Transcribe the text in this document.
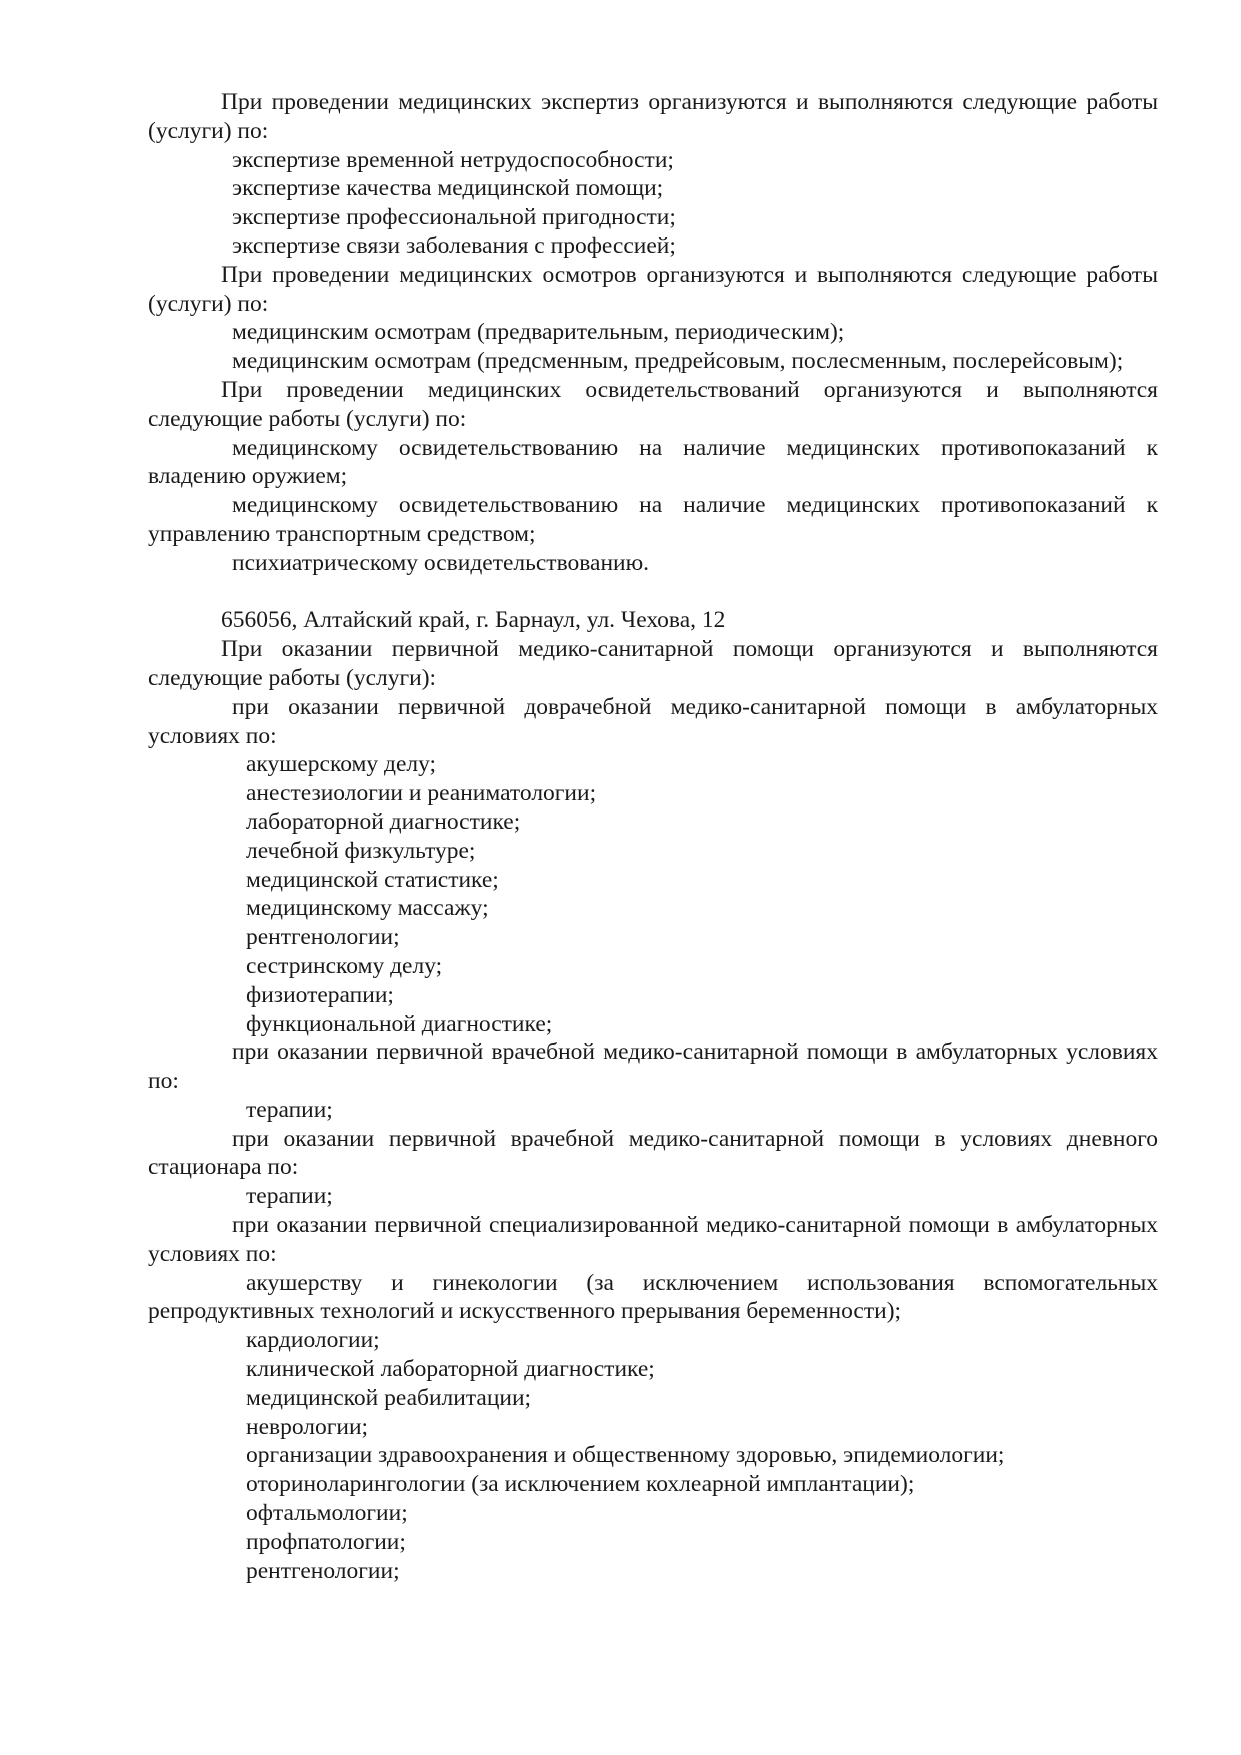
При проведении медицинских экспертиз организуются и выполняются следующие работы (услуги) по:

экспертизе временной нетрудоспособности;

экспертизе качества медицинской помощи;

экспертизе профессиональной пригодности;

экспертизе связи заболевания с профессией;

При проведении медицинских осмотров организуются и выполняются следующие работы (услуги) по:

медицинским осмотрам (предварительным, периодическим);

медицинским осмотрам (предсменным, предрейсовым, послесменным, послерейсовым);

При проведении медицинских освидетельствований организуются и выполняются следующие работы (услуги) по:

медицинскому освидетельствованию на наличие медицинских противопоказаний к владению оружием;

медицинскому освидетельствованию на наличие медицинских противопоказаний к управлению транспортным средством;

психиатрическому освидетельствованию.

656056, Алтайский край, г. Барнаул, ул. Чехова, 12

При оказании первичной медико-санитарной помощи организуются и выполняются следующие работы (услуги):

при оказании первичной доврачебной медико-санитарной помощи в амбулаторных условиях по:

акушерскому делу;

анестезиологии и реаниматологии;

лабораторной диагностике;

лечебной физкультуре;

медицинской статистике;

медицинскому массажу;

рентгенологии;

сестринскому делу;

физиотерапии;

функциональной диагностике;

при оказании первичной врачебной медико-санитарной помощи в амбулаторных условиях по:

терапии;

при оказании первичной врачебной медико-санитарной помощи в условиях дневного стационара по:

терапии;

при оказании первичной специализированной медико-санитарной помощи в амбулаторных условиях по:

акушерству и гинекологии (за исключением использования вспомогательных репродуктивных технологий и искусственного прерывания беременности);

кардиологии;

клинической лабораторной диагностике;

медицинской реабилитации;

неврологии;

организации здравоохранения и общественному здоровью, эпидемиологии;

оториноларингологии (за исключением кохлеарной имплантации);

офтальмологии;

профпатологии;

рентгенологии;
